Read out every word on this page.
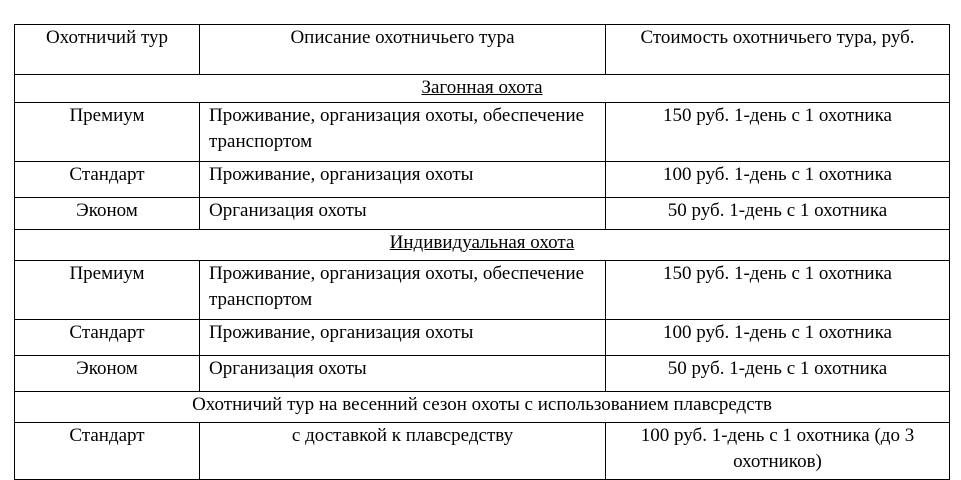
Охотничий тур	Описание охотничьего тура	Стоимость охотничьего тура, руб.
Загонная охота		
Премиум	Проживание, организация охоты, обеспечение транспортом	150 руб. 1-день с 1 охотника
Стандарт	Проживание, организация охоты	100 руб. 1-день с 1 охотника
Эконом	Организация охоты	50 руб. 1-день с 1 охотника
Индивидуальная охота		
Премиум	Проживание, организация охоты, обеспечение транспортом	150 руб. 1-день с 1 охотника
Стандарт	Проживание, организация охоты	100 руб. 1-день с 1 охотника
Эконом	Организация охоты	50 руб. 1-день с 1 охотника
Охотничий тур на весенний сезон охоты с использованием плавсредств		
Стандарт	с доставкой к плавсредству	100 руб. 1-день с 1 охотника (до 3 охотников)
